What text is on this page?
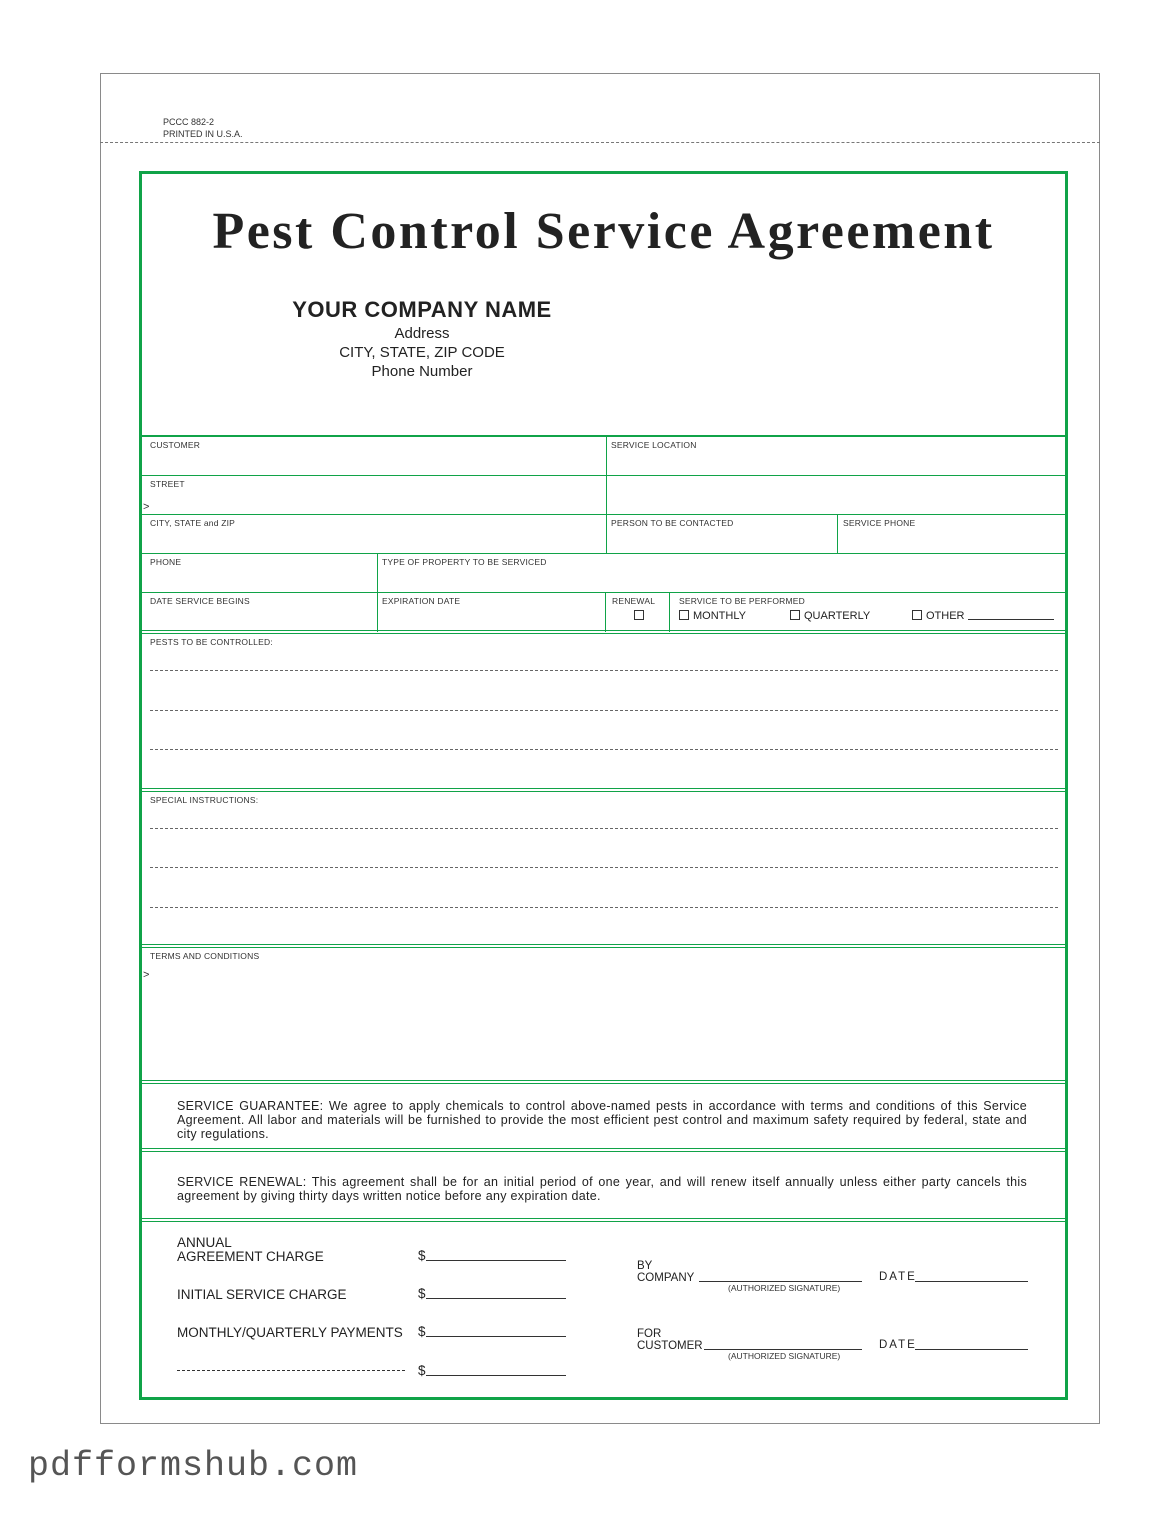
PCCC 882-2
PRINTED IN U.S.A.
Pest Control Service Agreement
YOUR COMPANY NAME
Address
CITY, STATE, ZIP CODE
Phone Number
CUSTOMER	SERVICE LOCATION
STREET
>
CITY, STATE and ZIP	PERSON TO BE CONTACTED	SERVICE PHONE
PHONE	TYPE OF PROPERTY TO BE SERVICED
DATE SERVICE BEGINS	EXPIRATION DATE	RENEWAL	SERVICE TO BE PERFORMED
MONTHLY	QUARTERLY	OTHER
PESTS TO BE CONTROLLED:
SPECIAL INSTRUCTIONS:
TERMS AND CONDITIONS
>
SERVICE GUARANTEE: We agree to apply chemicals to control above-named pests in accordance with terms and conditions of this Service Agreement. All labor and materials will be furnished to provide the most efficient pest control and maximum safety required by federal, state and city regulations.
SERVICE RENEWAL: This agreement shall be for an initial period of one year, and will renew itself annually unless either party cancels this agreement by giving thirty days written notice before any expiration date.
ANNUAL
AGREEMENT CHARGE	$
INITIAL SERVICE CHARGE	$
MONTHLY/QUARTERLY PAYMENTS $
$
BY
COMPANY
(AUTHORIZED SIGNATURE)
DATE
FOR
CUSTOMER
(AUTHORIZED SIGNATURE)
DATE
pdfformshub.com
